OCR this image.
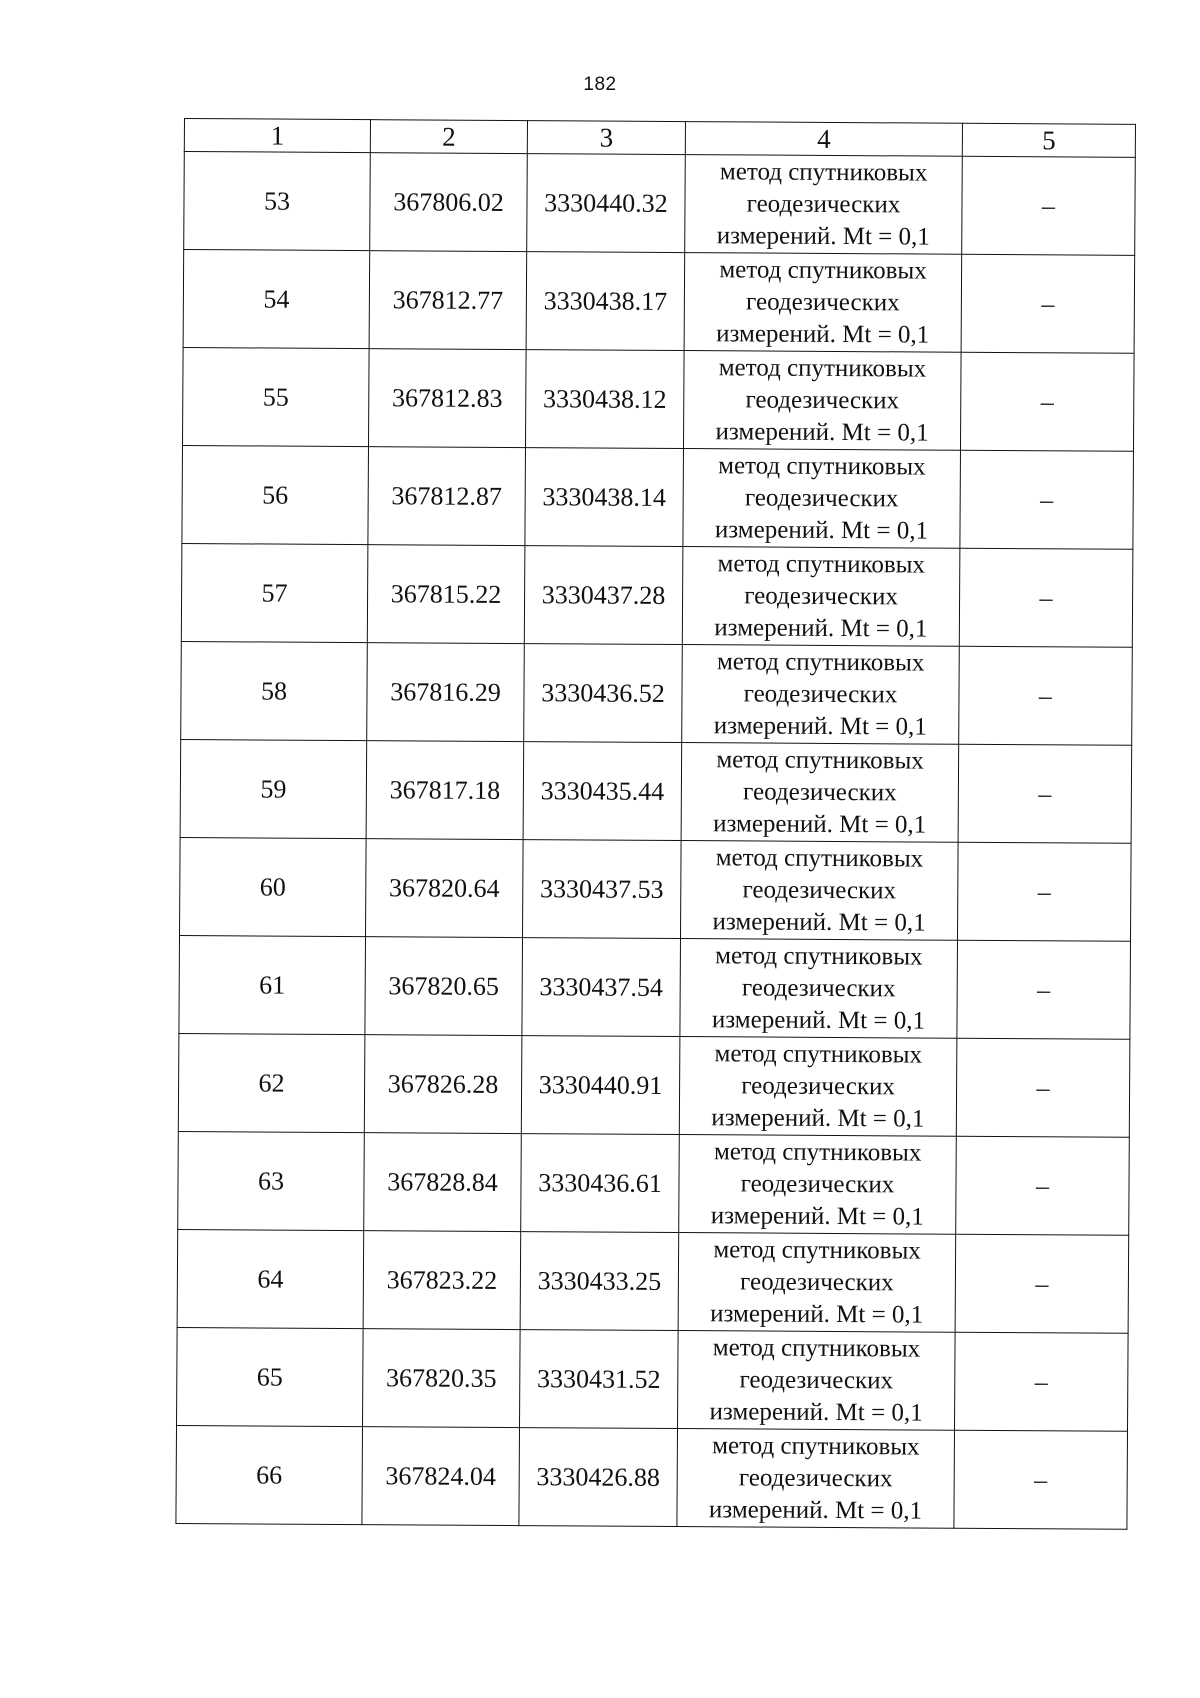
182
1	2	3	4	5
53	367806.02	3330440.32	метод спутниковых
геодезических
измерений. Mt = 0,1	–
54	367812.77	3330438.17	метод спутниковых
геодезических
измерений. Mt = 0,1	–
55	367812.83	3330438.12	метод спутниковых
геодезических
измерений. Mt = 0,1	–
56	367812.87	3330438.14	метод спутниковых
геодезических
измерений. Mt = 0,1	–
57	367815.22	3330437.28	метод спутниковых
геодезических
измерений. Mt = 0,1	–
58	367816.29	3330436.52	метод спутниковых
геодезических
измерений. Mt = 0,1	–
59	367817.18	3330435.44	метод спутниковых
геодезических
измерений. Mt = 0,1	–
60	367820.64	3330437.53	метод спутниковых
геодезических
измерений. Mt = 0,1	–
61	367820.65	3330437.54	метод спутниковых
геодезических
измерений. Mt = 0,1	–
62	367826.28	3330440.91	метод спутниковых
геодезических
измерений. Mt = 0,1	–
63	367828.84	3330436.61	метод спутниковых
геодезических
измерений. Mt = 0,1	–
64	367823.22	3330433.25	метод спутниковых
геодезических
измерений. Mt = 0,1	–
65	367820.35	3330431.52	метод спутниковых
геодезических
измерений. Mt = 0,1	–
66	367824.04	3330426.88	метод спутниковых
геодезических
измерений. Mt = 0,1	–
